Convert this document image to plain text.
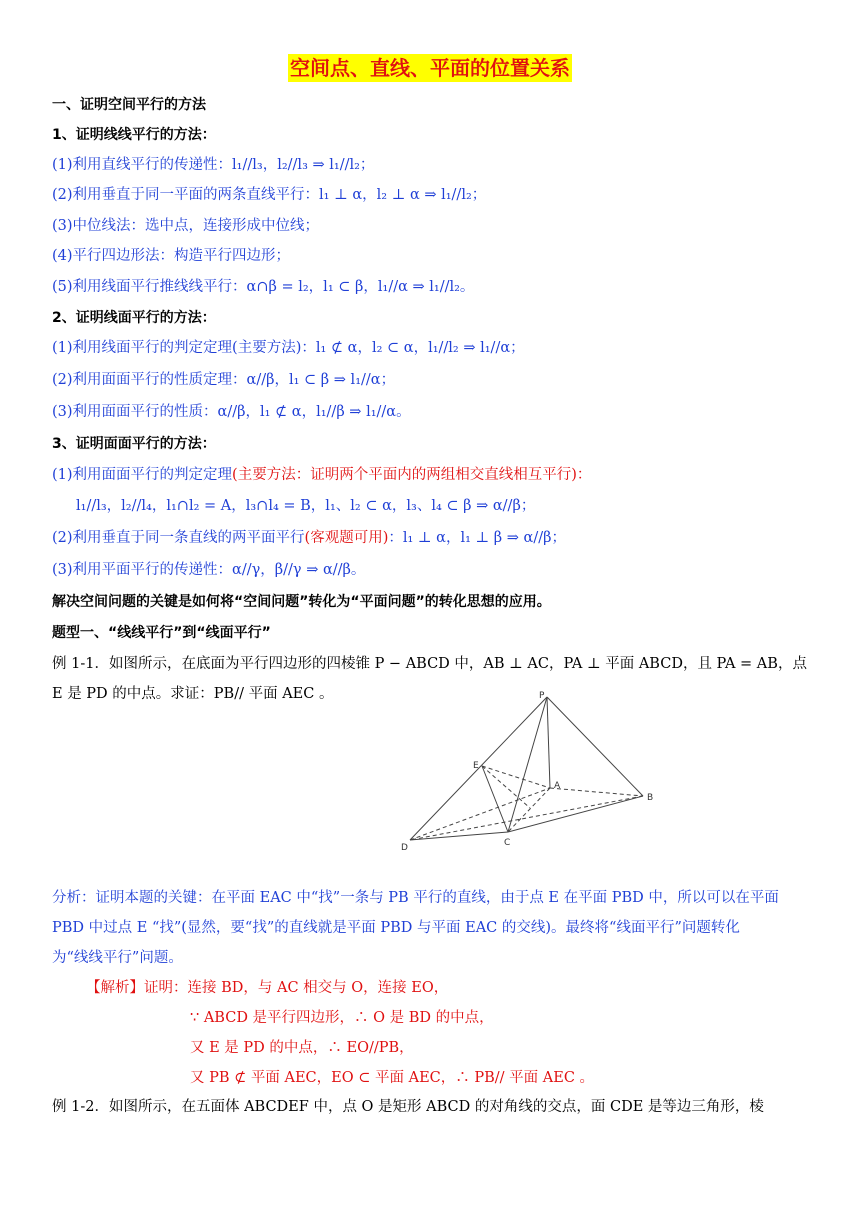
空间点、直线、平面的位置关系
一、证明空间平行的方法
1、证明线线平行的方法：
(1)利用直线平行的传递性：l₁//l₃，l₂//l₃ ⇒ l₁//l₂；
(2)利用垂直于同一平面的两条直线平行：l₁ ⊥ α，l₂ ⊥ α ⇒ l₁//l₂；
(3)中位线法：选中点，连接形成中位线；
(4)平行四边形法：构造平行四边形；
(5)利用线面平行推线线平行：α∩β = l₂，l₁ ⊂ β，l₁//α ⇒ l₁//l₂。
2、证明线面平行的方法：
(1)利用线面平行的判定定理(主要方法)：l₁ ⊄ α，l₂ ⊂ α，l₁//l₂ ⇒ l₁//α；
(2)利用面面平行的性质定理：α//β，l₁ ⊂ β ⇒ l₁//α；
(3)利用面面平行的性质：α//β，l₁ ⊄ α，l₁//β ⇒ l₁//α。
3、证明面面平行的方法：
(1)利用面面平行的判定定理(主要方法：证明两个平面内的两组相交直线相互平行)：
l₁//l₃，l₂//l₄，l₁∩l₂ = A，l₃∩l₄ = B，l₁、l₂ ⊂ α，l₃、l₄ ⊂ β ⇒ α//β；
(2)利用垂直于同一条直线的两平面平行(客观题可用)：l₁ ⊥ α，l₁ ⊥ β ⇒ α//β；
(3)利用平面平行的传递性：α//γ，β//γ ⇒ α//β。
解决空间问题的关键是如何将“空间问题”转化为“平面问题”的转化思想的应用。
题型一、“线线平行”到“线面平行”
例 1-1．如图所示，在底面为平行四边形的四棱锥 P − ABCD 中，AB ⊥ AC，PA ⊥ 平面 ABCD，且 PA = AB，点
E 是 PD 的中点。求证：PB// 平面 AEC 。
分析：证明本题的关键：在平面 EAC 中“找”一条与 PB 平行的直线，由于点 E 在平面 PBD 中，所以可以在平面
PBD 中过点 E “找”(显然，要“找”的直线就是平面 PBD 与平面 EAC 的交线)。最终将“线面平行”问题转化
为“线线平行”问题。
【解析】证明：连接 BD，与 AC 相交与 O，连接 EO，
∵ ABCD 是平行四边形，∴ O 是 BD 的中点，
又 E 是 PD 的中点，∴ EO//PB，
又 PB ⊄ 平面 AEC，EO ⊂ 平面 AEC，∴ PB// 平面 AEC 。
例 1-2．如图所示，在五面体 ABCDEF 中，点 O 是矩形 ABCD 的对角线的交点，面 CDE 是等边三角形，棱
P
E
A
B
D	C
